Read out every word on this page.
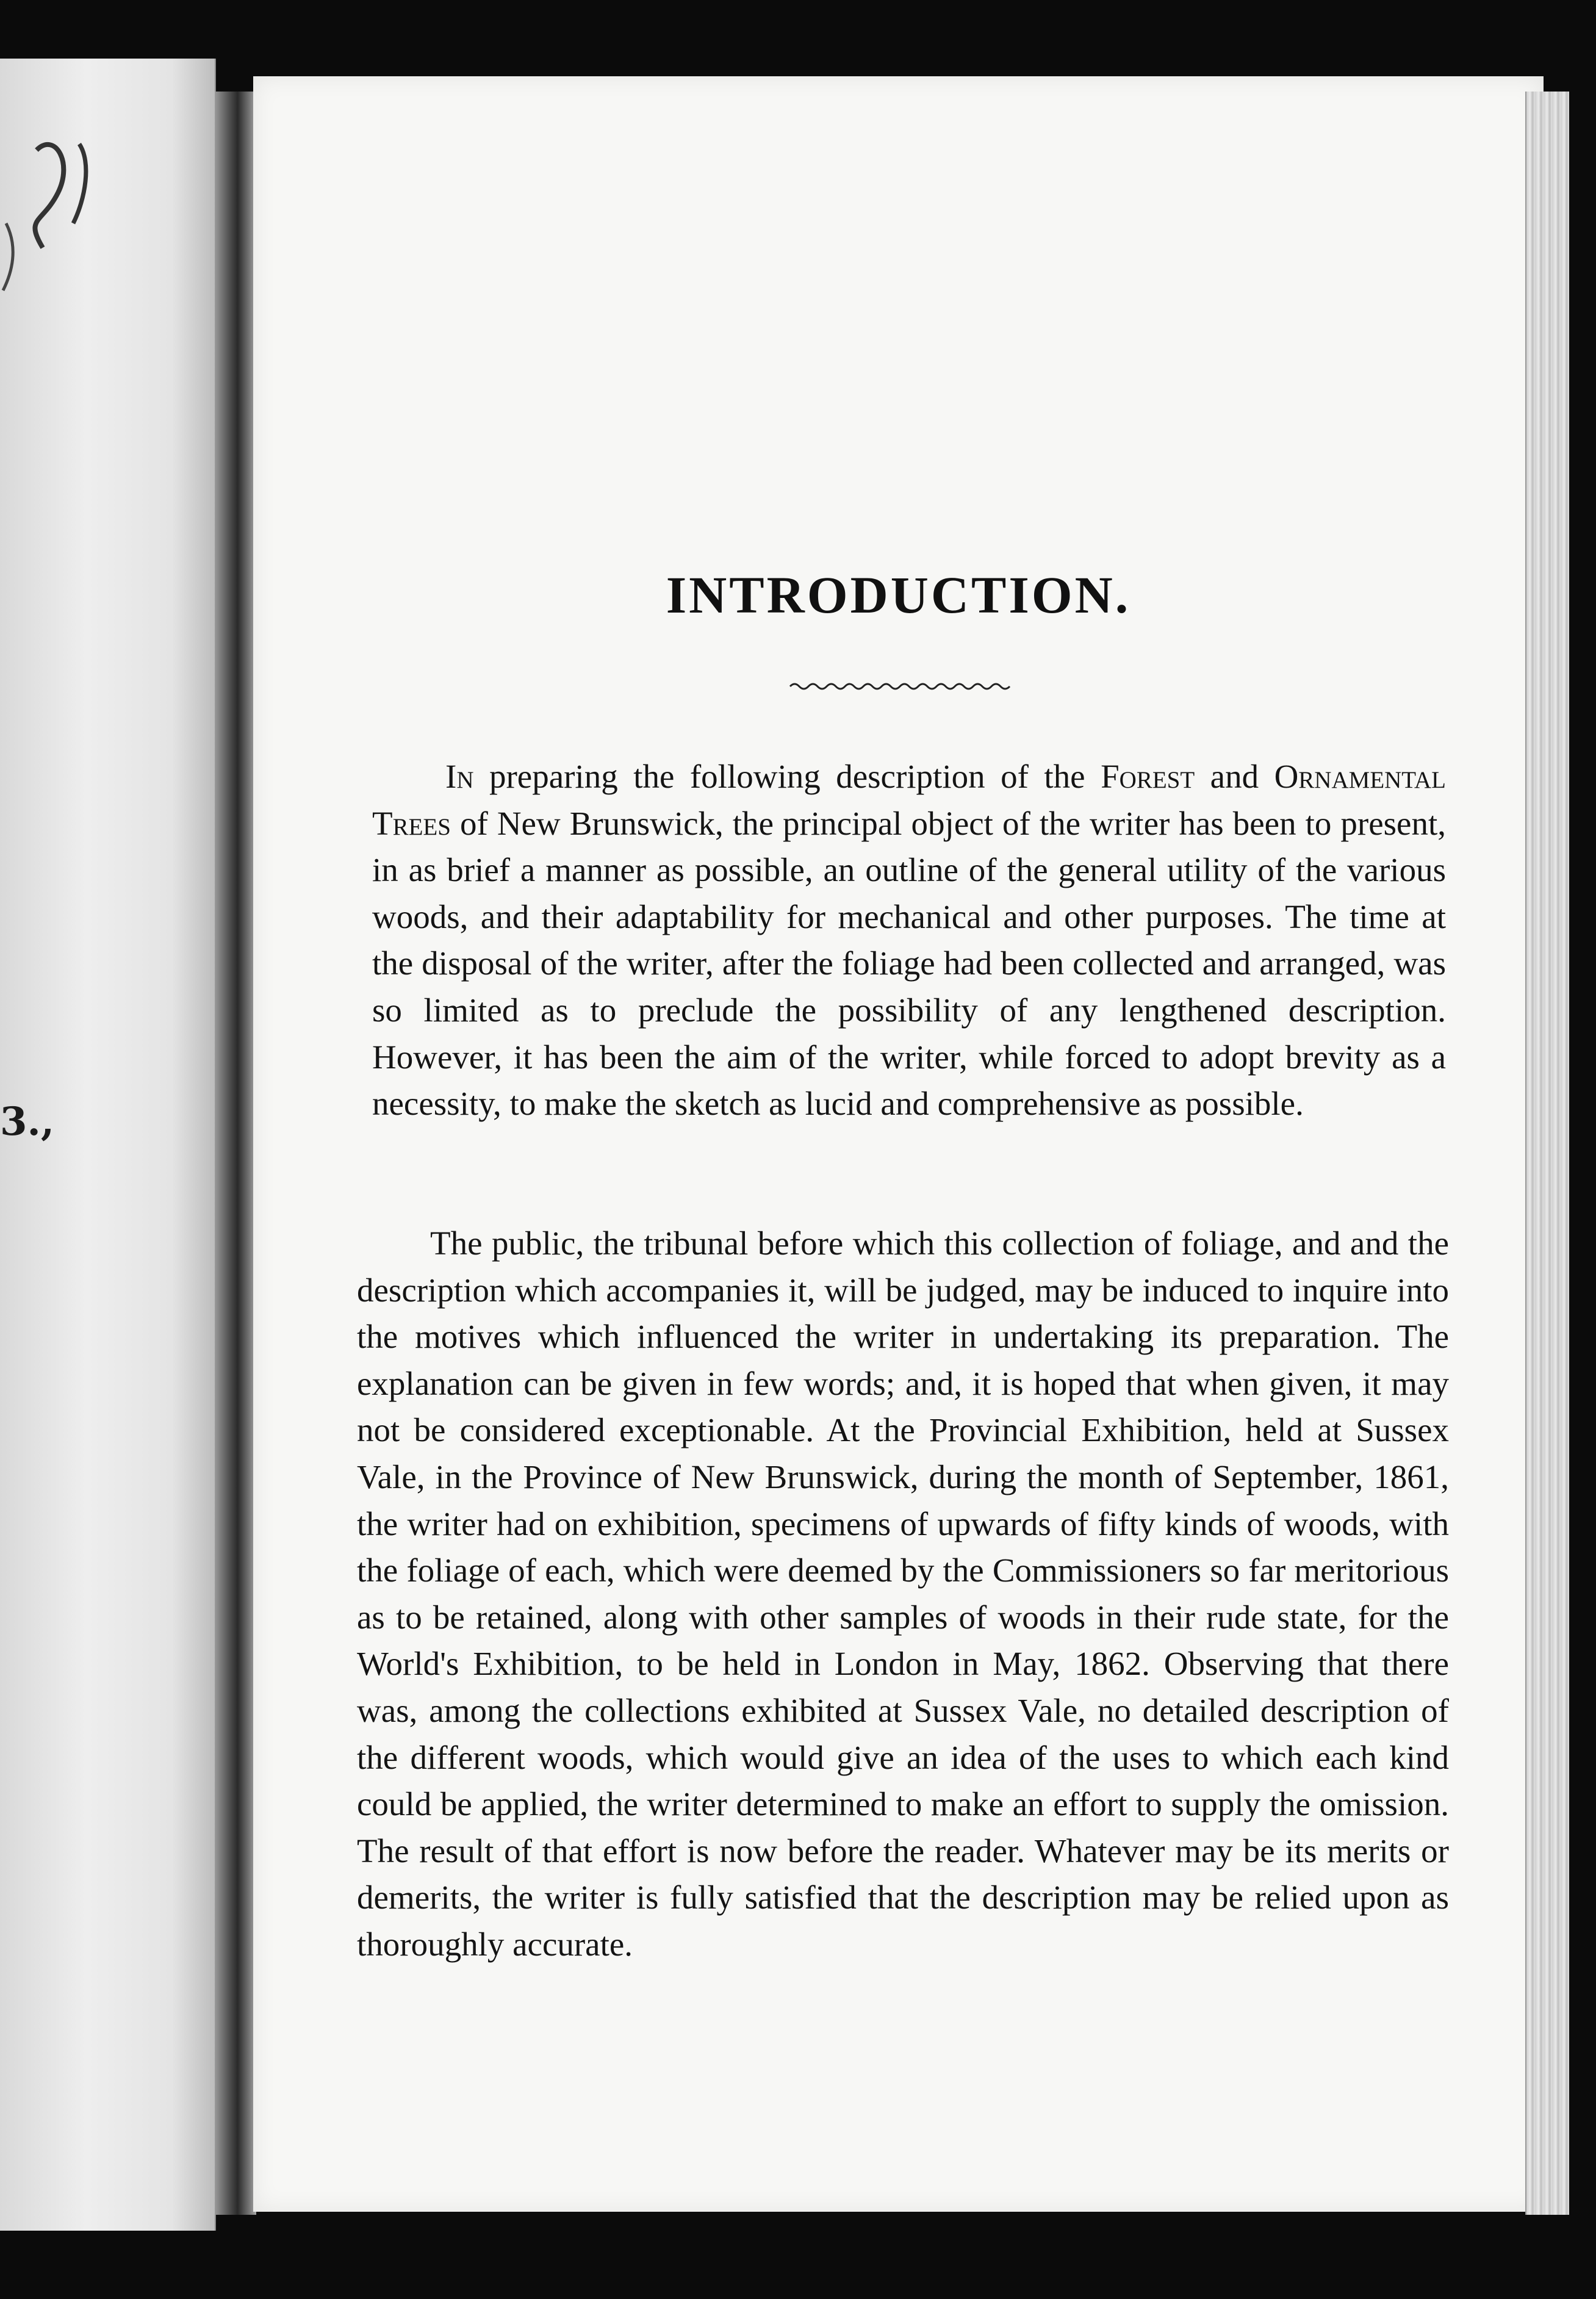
3.,
INTRODUCTION.

In preparing the following description of the Forest and Ornamental Trees of New Brunswick, the principal object of the writer has been to present, in as brief a manner as possible, an outline of the general utility of the various woods, and their adaptability for mechanical and other purposes. The time at the disposal of the writer, after the foliage had been collected and arranged, was so limited as to preclude the possibility of any lengthened description. However, it has been the aim of the writer, while forced to adopt brevity as a necessity, to make the sketch as lucid and comprehensive as possible.

The public, the tribunal before which this collection of foliage, and and the description which accompanies it, will be judged, may be induced to inquire into the motives which influenced the writer in undertaking its preparation. The explanation can be given in few words; and, it is hoped that when given, it may not be considered exceptionable. At the Provincial Exhibition, held at Sussex Vale, in the Province of New Brunswick, during the month of September, 1861, the writer had on exhibition, specimens of upwards of fifty kinds of woods, with the foliage of each, which were deemed by the Commissioners so far meritorious as to be retained, along with other samples of woods in their rude state, for the World's Exhibition, to be held in London in May, 1862. Observing that there was, among the collections exhibited at Sussex Vale, no detailed description of the different woods, which would give an idea of the uses to which each kind could be applied, the writer determined to make an effort to supply the omission. The result of that effort is now before the reader. Whatever may be its merits or demerits, the writer is fully satisfied that the description may be relied upon as thoroughly accurate.
